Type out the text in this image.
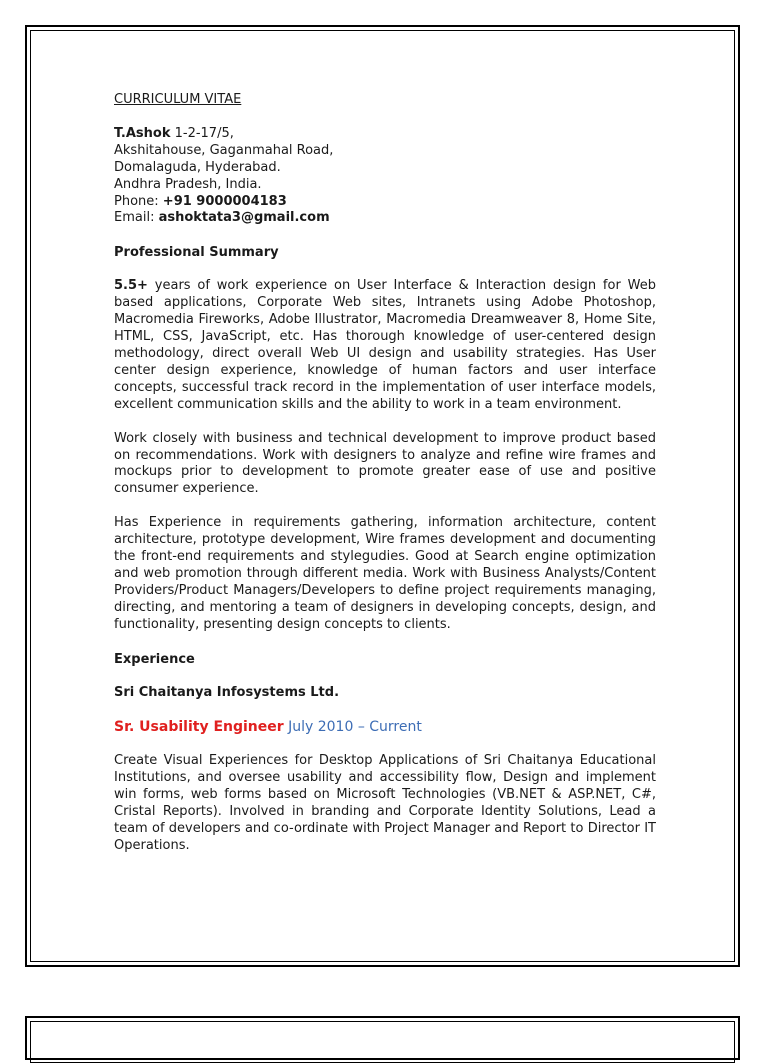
CURRICULUM VITAE

T.Ashok 1-2-17/5,

Akshitahouse, Gaganmahal Road,

Domalaguda, Hyderabad.

Andhra Pradesh, India.

Phone: +91 9000004183

Email: ashoktata3@gmail.com

Professional Summary

5.5+ years of work experience on User Interface & Interaction design for Web based applications, Corporate Web sites, Intranets using Adobe Photoshop, Macromedia Fireworks, Adobe Illustrator, Macromedia Dreamweaver 8, Home Site, HTML, CSS, JavaScript, etc. Has thorough knowledge of user-centered design methodology, direct overall Web UI design and usability strategies. Has User center design experience, knowledge of human factors and user interface concepts, successful track record in the implementation of user interface models, excellent communication skills and the ability to work in a team environment.

Work closely with business and technical development to improve product based on recommendations. Work with designers to analyze and refine wire frames and mockups prior to development to promote greater ease of use and positive consumer experience.

Has Experience in requirements gathering, information architecture, content architecture, prototype development, Wire frames development and documenting the front-end requirements and stylegudies. Good at Search engine optimization and web promotion through different media. Work with Business Analysts/Content Providers/Product Managers/Developers to define project requirements managing, directing, and mentoring a team of designers in developing concepts, design, and functionality, presenting design concepts to clients.

Experience
Sri Chaitanya Infosystems Ltd.
Sr. Usability Engineer July 2010 – Current

Create Visual Experiences for Desktop Applications of Sri Chaitanya Educational Institutions, and oversee usability and accessibility flow, Design and implement win forms, web forms based on Microsoft Technologies (VB.NET & ASP.NET, C#, Cristal Reports). Involved in branding and Corporate Identity Solutions, Lead a team of developers and co-ordinate with Project Manager and Report to Director IT Operations.
